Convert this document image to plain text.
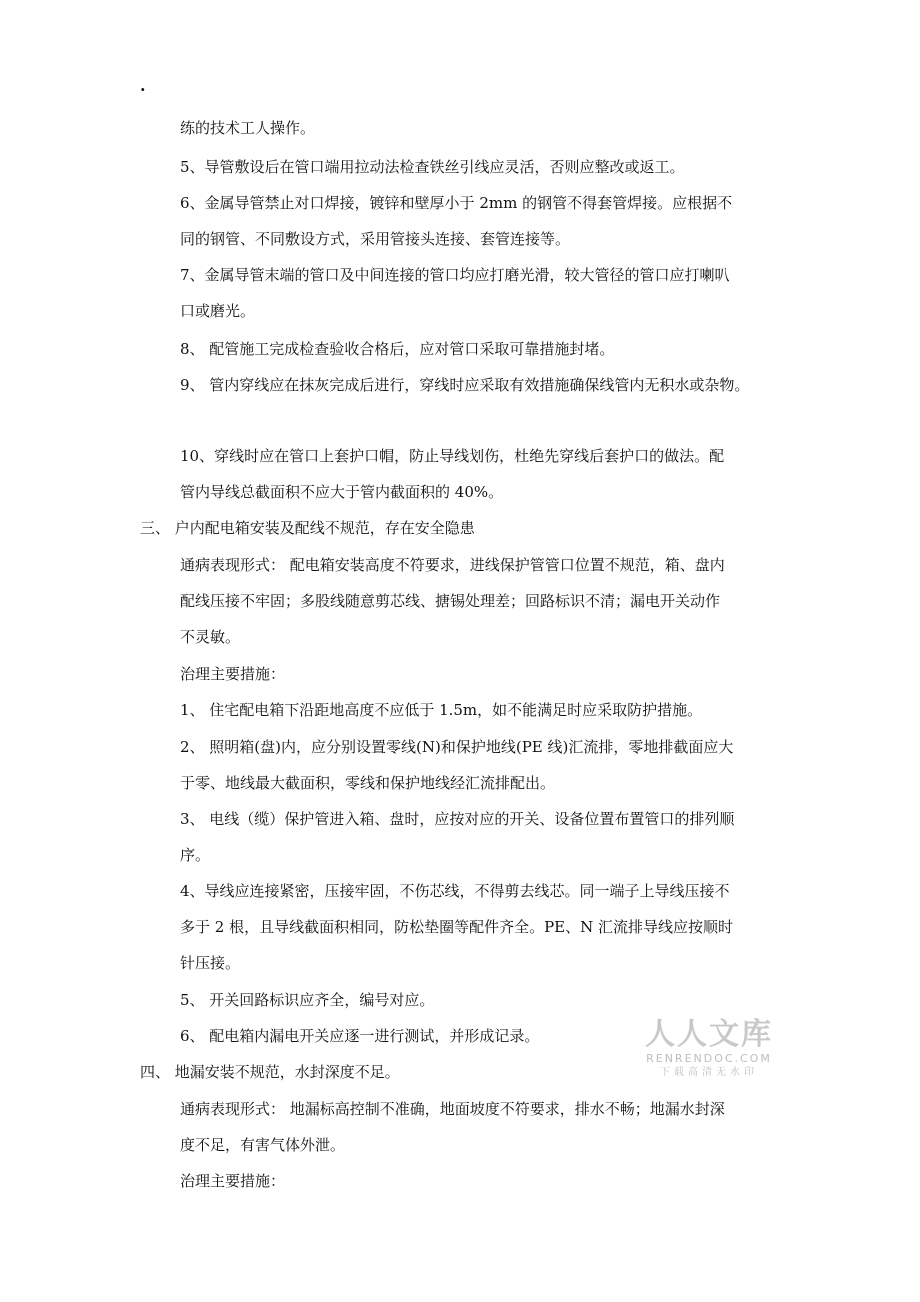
.
练的技术工人操作。
5、导管敷设后在管口端用拉动法检查铁丝引线应灵活，否则应整改或返工。
6、金属导管禁止对口焊接，镀锌和壁厚小于 2mm 的钢管不得套管焊接。应根据不
同的钢管、不同敷设方式，采用管接头连接、套管连接等。
7、金属导管末端的管口及中间连接的管口均应打磨光滑，较大管径的管口应打喇叭
口或磨光。
8、 配管施工完成检查验收合格后，应对管口采取可靠措施封堵。
9、 管内穿线应在抹灰完成后进行，穿线时应采取有效措施确保线管内无积水或杂物。
10、穿线时应在管口上套护口帽，防止导线划伤，杜绝先穿线后套护口的做法。配
管内导线总截面积不应大于管内截面积的 40%。
三、 户内配电箱安装及配线不规范，存在安全隐患
通病表现形式： 配电箱安装高度不符要求，进线保护管管口位置不规范，箱、盘内
配线压接不牢固；多股线随意剪芯线、搪锡处理差；回路标识不清；漏电开关动作
不灵敏。
治理主要措施：
1、 住宅配电箱下沿距地高度不应低于 1.5m，如不能满足时应采取防护措施。
2、 照明箱(盘)内，应分别设置零线(N)和保护地线(PE 线)汇流排，零地排截面应大
于零、地线最大截面积，零线和保护地线经汇流排配出。
3、 电线（缆）保护管进入箱、盘时，应按对应的开关、设备位置布置管口的排列顺
序。
4、导线应连接紧密，压接牢固，不伤芯线，不得剪去线芯。同一端子上导线压接不
多于 2 根，且导线截面积相同，防松垫圈等配件齐全。PE、N 汇流排导线应按顺时
针压接。
5、 开关回路标识应齐全，编号对应。
6、 配电箱内漏电开关应逐一进行测试，并形成记录。
四、 地漏安装不规范，水封深度不足。
通病表现形式： 地漏标高控制不准确，地面坡度不符要求，排水不畅；地漏水封深
度不足，有害气体外泄。
治理主要措施：
人人文库
RENRENDOC.COM
下载高清无水印
